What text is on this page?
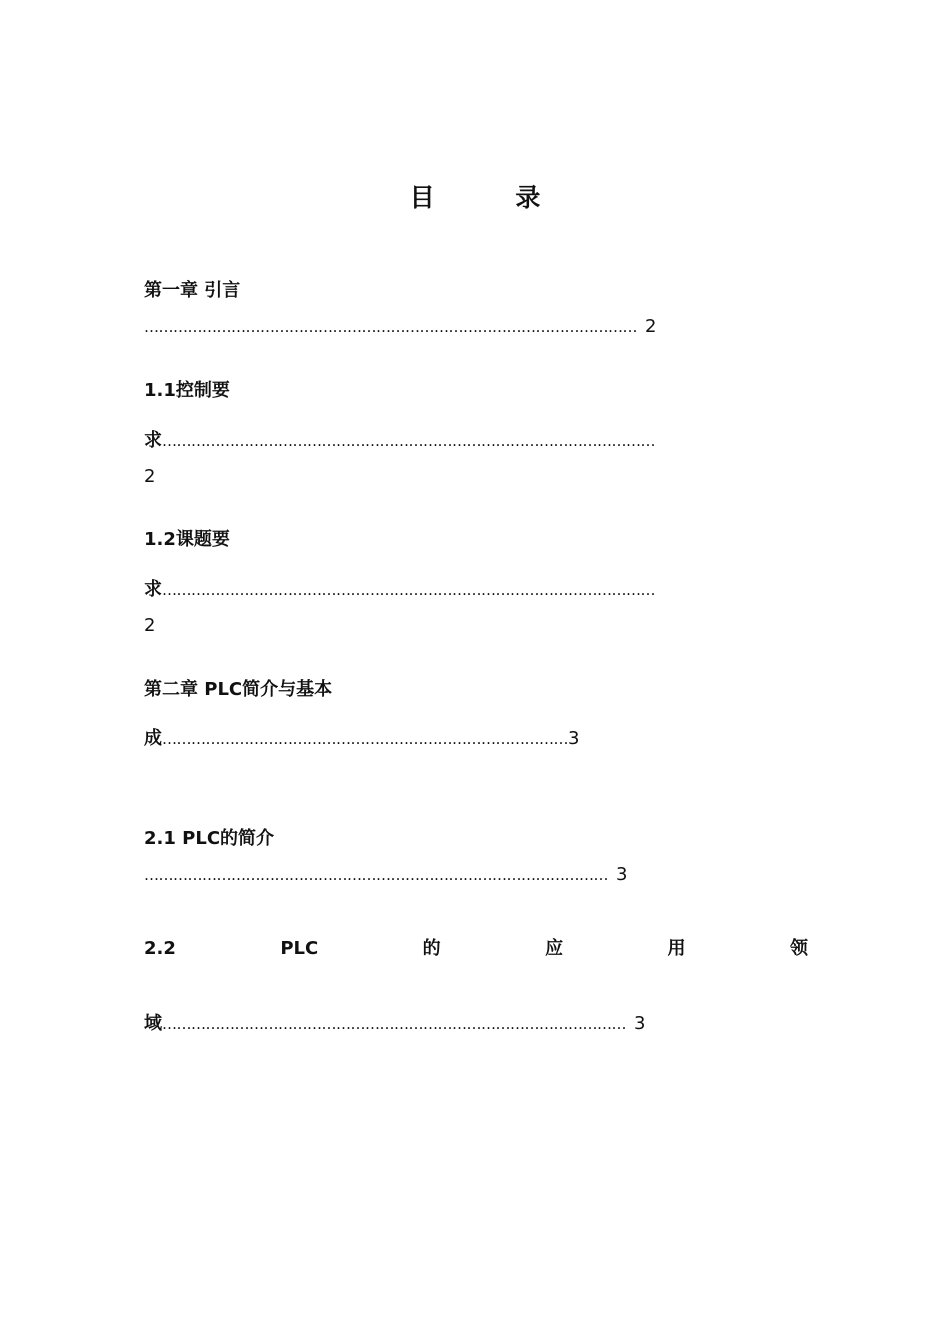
目 录
第一章 引言
………………………………………………………………………………………… 2
1.1控制要
求…………………………………………………………………………………………
2
1.2课题要
求…………………………………………………………………………………………
2
第二章 PLC简介与基本
成…………………………………………………………………………3
2.1 PLC的简介
…………………………………………………………………………………… 3
2.2	PLC	的	应	用	领
域…………………………………………………………………………………… 3
